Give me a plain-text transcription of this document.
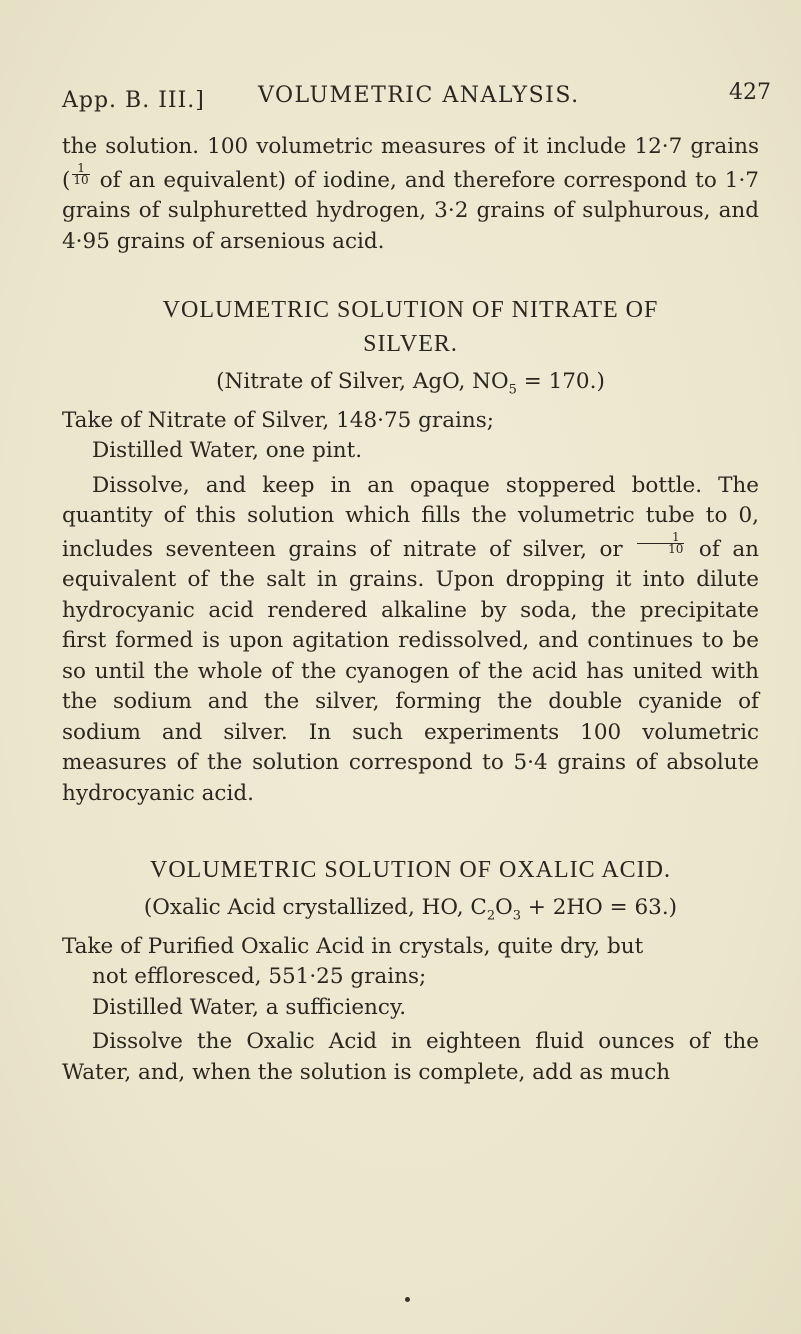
App. B. III.] VOLUMETRIC ANALYSIS.	427

the solution. 100 volumetric measures of it include 12·7 grains ( $\frac{1}{10}$ of an equivalent) of iodine, and therefore correspond to 1·7 grains of sulphuretted hydrogen, 3·2 grains of sulphurous, and 4·95 grains of arsenious acid.

VOLUMETRIC SOLUTION OF NITRATE OF
SILVER.
(Nitrate of Silver, AgO, $NO_5 = 170$.)
Take of Nitrate of Silver, 148·75 grains;
Distilled Water, one pint.

Dissolve, and keep in an opaque stoppered bottle. The quantity of this solution which fills the volumetric tube to 0, includes seventeen grains of nitrate of silver, or $\frac{1}{10}$ of an equivalent of the salt in grains. Upon dropping it into dilute hydrocyanic acid rendered alkaline by soda, the precipitate first formed is upon agitation redissolved, and continues to be so until the whole of the cyanogen of the acid has united with the sodium and the silver, forming the double cyanide of sodium and silver. In such experiments 100 volumetric measures of the solution correspond to 5·4 grains of absolute hydrocyanic acid.

VOLUMETRIC SOLUTION OF OXALIC ACID.
(Oxalic Acid crystallized, HO, $C_2O_3 + 2HO = 63$.)
Take of Purified Oxalic Acid in crystals, quite dry, but
not effloresced, 551·25 grains;
Distilled Water, a sufficiency.

Dissolve the Oxalic Acid in eighteen fluid ounces of the Water, and, when the solution is complete, add as much
